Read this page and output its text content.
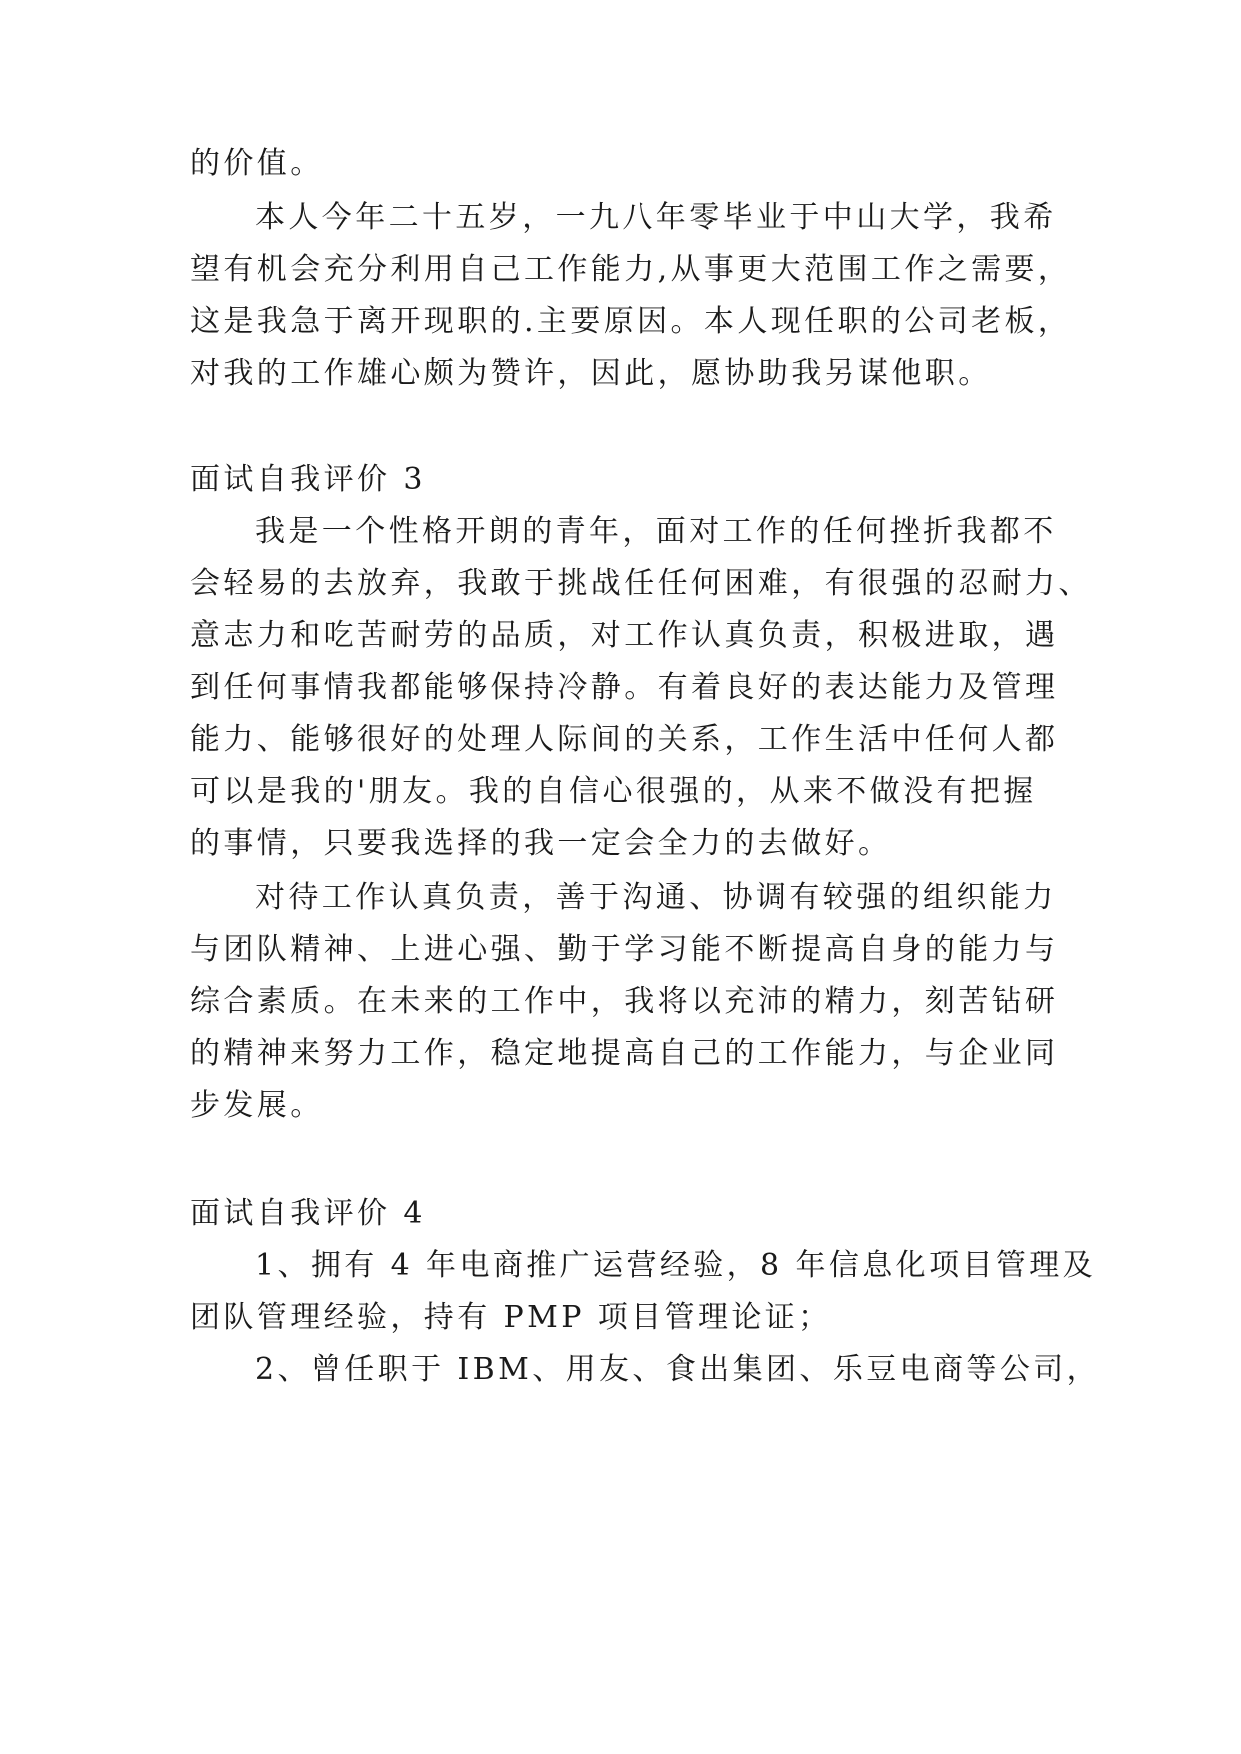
的价值。

本人今年二十五岁，一九八年零毕业于中山大学，我希

望有机会充分利用自己工作能力,从事更大范围工作之需要，

这是我急于离开现职的.主要原因。本人现任职的公司老板，

对我的工作雄心颇为赞许，因此，愿协助我另谋他职。

面试自我评价 3

我是一个性格开朗的青年，面对工作的任何挫折我都不

会轻易的去放弃，我敢于挑战任任何困难，有很强的忍耐力、

意志力和吃苦耐劳的品质，对工作认真负责，积极进取，遇

到任何事情我都能够保持冷静。有着良好的表达能力及管理

能力、能够很好的处理人际间的关系，工作生活中任何人都

可以是我的'朋友。我的自信心很强的，从来不做没有把握

的事情，只要我选择的我一定会全力的去做好。

对待工作认真负责，善于沟通、协调有较强的组织能力

与团队精神、上进心强、勤于学习能不断提高自身的能力与

综合素质。在未来的工作中，我将以充沛的精力，刻苦钻研

的精神来努力工作，稳定地提高自己的工作能力，与企业同

步发展。

面试自我评价 4

1、拥有 4 年电商推广运营经验，8 年信息化项目管理及

团队管理经验，持有 PMP 项目管理论证；

2、曾任职于 IBM、用友、食出集团、乐豆电商等公司，
